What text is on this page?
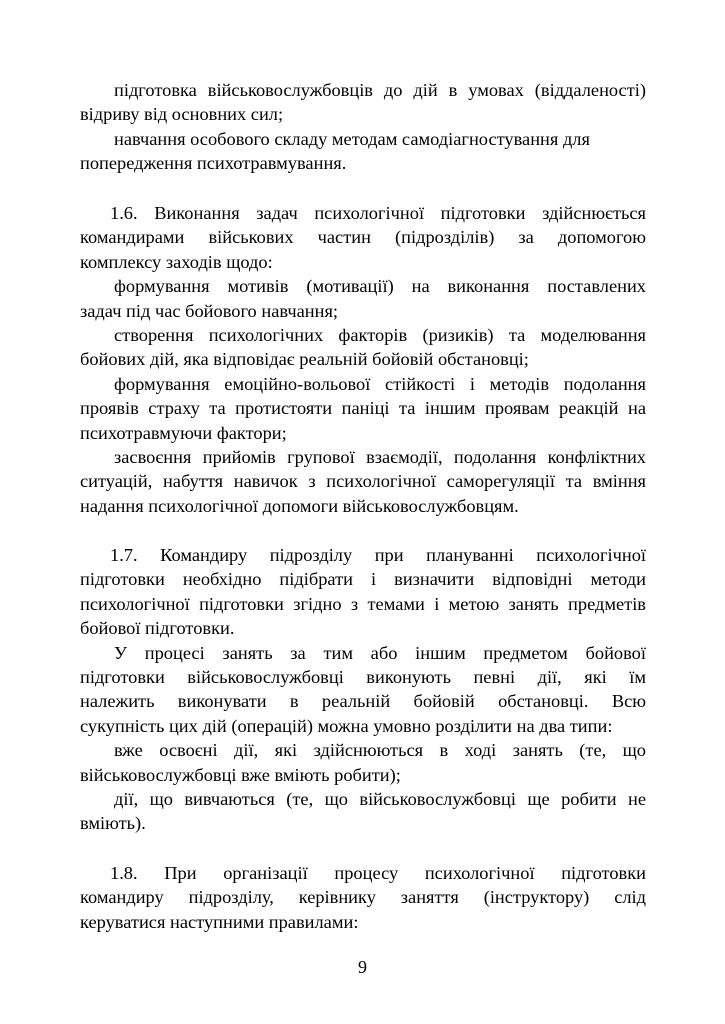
підготовка військовослужбовців до дій в умовах (віддаленості)
відриву від основних сил;
навчання особового складу методам самодіагностування для
попередження психотравмування.
1.6. Виконання задач психологічної підготовки здійснюється
командирами військових частин (підрозділів) за допомогою
комплексу заходів щодо:
формування мотивів (мотивації) на виконання поставлених
задач під час бойового навчання;
створення психологічних факторів (ризиків) та моделювання
бойових дій, яка відповідає реальній бойовій обстановці;
формування емоційно-вольової стійкості і методів подолання
проявів страху та протистояти паніці та іншим проявам реакцій на
психотравмуючи фактори;
засвоєння прийомів групової взаємодії, подолання конфліктних
ситуацій, набуття навичок з психологічної саморегуляції та вміння
надання психологічної допомоги військовослужбовцям.
1.7. Командиру підрозділу при плануванні психологічної
підготовки необхідно підібрати і визначити відповідні методи
психологічної підготовки згідно з темами і метою занять предметів
бойової підготовки.
У процесі занять за тим або іншим предметом бойової
підготовки військовослужбовці виконують певні дії, які їм
належить виконувати в реальній бойовій обстановці. Всю
сукупність цих дій (операцій) можна умовно розділити на два типи:
вже освоєні дії, які здійснюються в ході занять (те, що
військовослужбовці вже вміють робити);
дії, що вивчаються (те, що військовослужбовці ще робити не
вміють).
1.8. При організації процесу психологічної підготовки
командиру підрозділу, керівнику заняття (інструктору) слід
керуватися наступними правилами:
9
